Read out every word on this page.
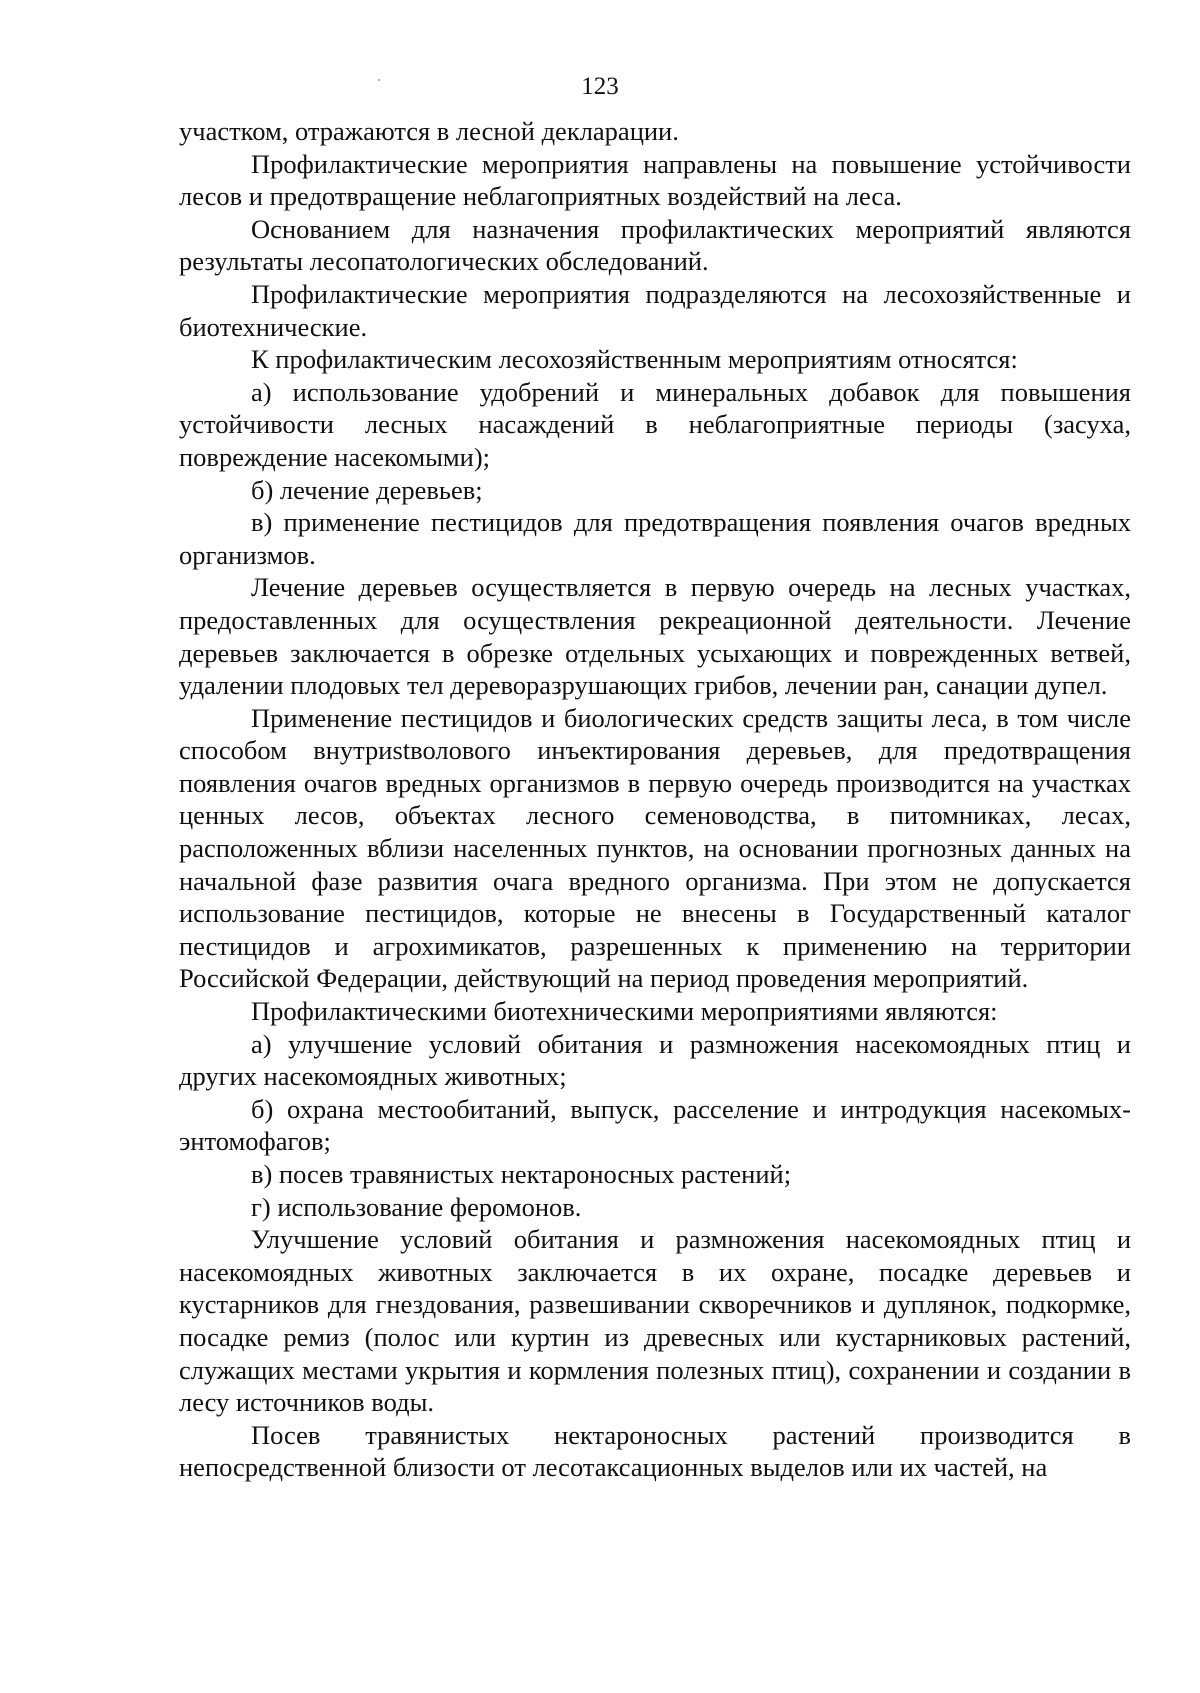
123

участком, отражаются в лесной декларации.

Профилактические мероприятия направлены на повышение устойчивости лесов и предотвращение неблагоприятных воздействий на леса.

Основанием для назначения профилактических мероприятий являются результаты лесопатологических обследований.

Профилактические мероприятия подразделяются на лесохозяйственные и биотехнические.

К профилактическим лесохозяйственным мероприятиям относятся:

а) использование удобрений и минеральных добавок для повышения устойчивости лесных насаждений в неблагоприятные периоды (засуха, повреждение насекомыми);

б) лечение деревьев;

в) применение пестицидов для предотвращения появления очагов вредных организмов.

Лечение деревьев осуществляется в первую очередь на лесных участках, предоставленных для осуществления рекреационной деятельности. Лечение деревьев заключается в обрезке отдельных усыхающих и поврежденных ветвей, удалении плодовых тел дереворазрушающих грибов, лечении ран, санации дупел.

Применение пестицидов и биологических средств защиты леса, в том числе способом внутриstволового инъектирования деревьев, для предотвращения появления очагов вредных организмов в первую очередь производится на участках ценных лесов, объектах лесного семеноводства, в питомниках, лесах, расположенных вблизи населенных пунктов, на основании прогнозных данных на начальной фазе развития очага вредного организма. При этом не допускается использование пестицидов, которые не внесены в Государственный каталог пестицидов и агрохимикатов, разрешенных к применению на территории Российской Федерации, действующий на период проведения мероприятий.

Профилактическими биотехническими мероприятиями являются:

а) улучшение условий обитания и размножения насекомоядных птиц и других насекомоядных животных;

б) охрана местообитаний, выпуск, расселение и интродукция насекомых-энтомофагов;

в) посев травянистых нектароносных растений;

г) использование феромонов.

Улучшение условий обитания и размножения насекомоядных птиц и насекомоядных животных заключается в их охране, посадке деревьев и кустарников для гнездования, развешивании скворечников и дуплянок, подкормке, посадке ремиз (полос или куртин из древесных или кустарниковых растений, служащих местами укрытия и кормления полезных птиц), сохранении и создании в лесу источников воды.

Посев травянистых нектароносных растений производится в непосредственной близости от лесотаксационных выделов или их частей, на
